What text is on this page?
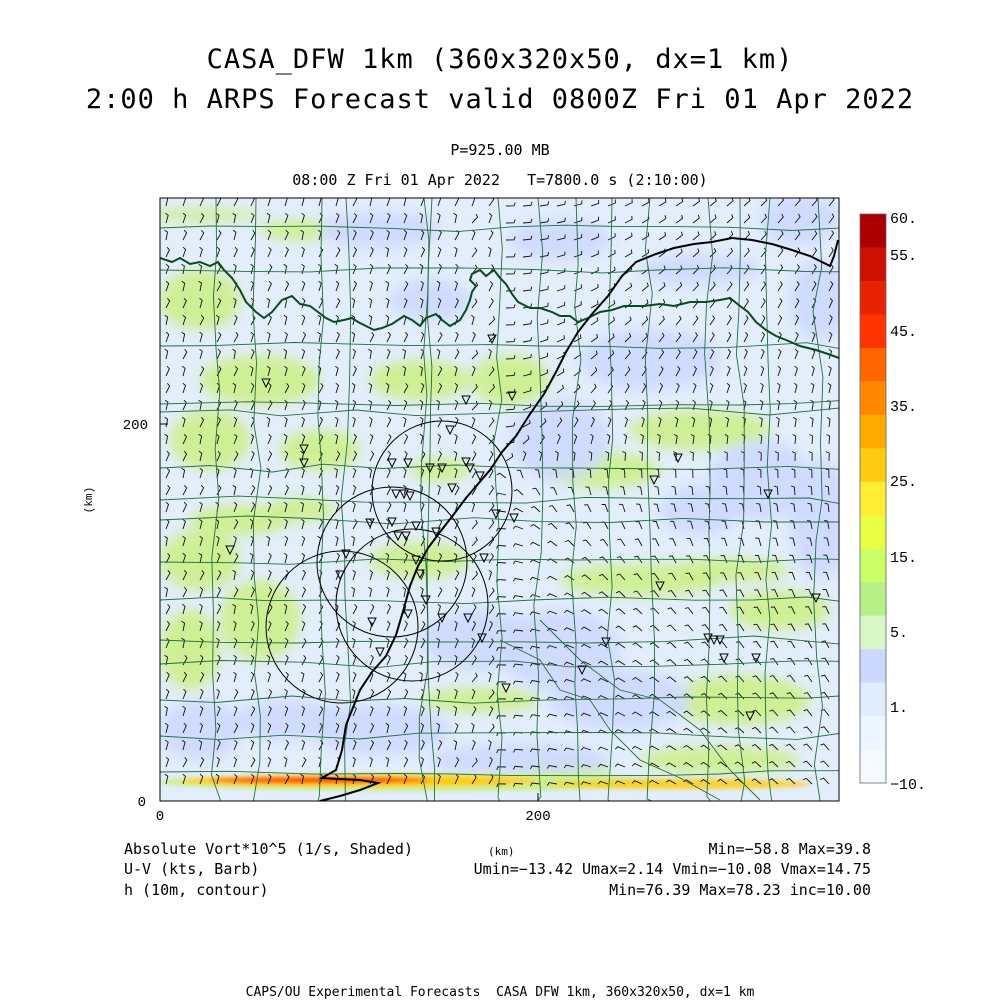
CASA_DFW 1km (360x320x50, dx=1 km)
2:00 h ARPS Forecast valid 0800Z Fri 01 Apr 2022
P=925.00 MB
08:00 Z Fri 01 Apr 2022   T=7800.0 s (2:10:00)
0	200
0
200
(km)
60.
55.
45.
35.
25.
15.
5.
1.
−10.
Absolute Vort*10^5 (1/s, Shaded)
U-V (kts, Barb)
h (10m, contour)
(km)	Min=−58.8 Max=39.8
Umin=−13.42 Umax=2.14 Vmin=−10.08 Vmax=14.75
Min=76.39 Max=78.23 inc=10.00
CAPS/OU Experimental Forecasts  CASA DFW 1km, 360x320x50, dx=1 km
